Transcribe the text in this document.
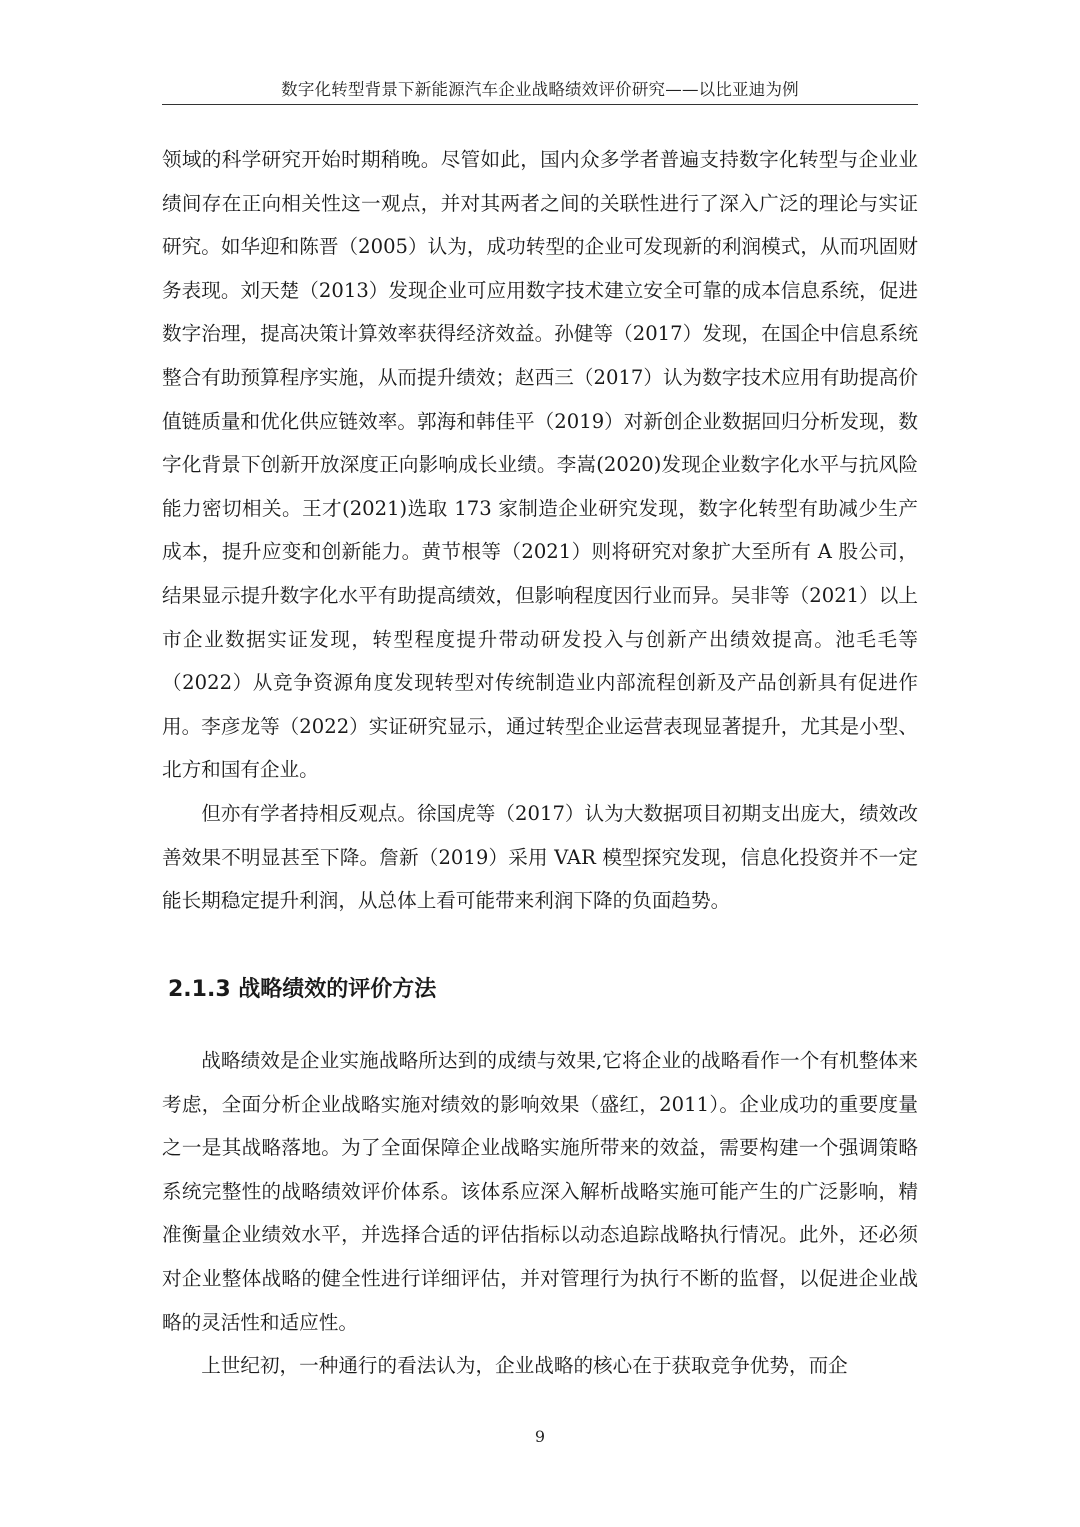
数字化转型背景下新能源汽车企业战略绩效评价研究——以比亚迪为例

领域的科学研究开始时期稍晚。尽管如此，国内众多学者普遍支持数字化转型与企业业绩间存在正向相关性这一观点，并对其两者之间的关联性进行了深入广泛的理论与实证研究。如华迎和陈晋（2005）认为，成功转型的企业可发现新的利润模式，从而巩固财务表现。刘天楚（2013）发现企业可应用数字技术建立安全可靠的成本信息系统，促进数字治理，提高决策计算效率获得经济效益。孙健等（2017）发现，在国企中信息系统整合有助预算程序实施，从而提升绩效；赵西三（2017）认为数字技术应用有助提高价值链质量和优化供应链效率。郭海和韩佳平（2019）对新创企业数据回归分析发现，数字化背景下创新开放深度正向影响成长业绩。李嵩(2020)发现企业数字化水平与抗风险能力密切相关。王才(2021)选取 173 家制造企业研究发现，数字化转型有助减少生产成本，提升应变和创新能力。黄节根等（2021）则将研究对象扩大至所有 A 股公司，结果显示提升数字化水平有助提高绩效，但影响程度因行业而异。吴非等（2021）以上市企业数据实证发现，转型程度提升带动研发投入与创新产出绩效提高。池毛毛等（2022）从竞争资源角度发现转型对传统制造业内部流程创新及产品创新具有促进作用。李彦龙等（2022）实证研究显示，通过转型企业运营表现显著提升，尤其是小型、北方和国有企业。

但亦有学者持相反观点。徐国虎等（2017）认为大数据项目初期支出庞大，绩效改善效果不明显甚至下降。詹新（2019）采用 VAR 模型探究发现，信息化投资并不一定能长期稳定提升利润，从总体上看可能带来利润下降的负面趋势。

2.1.3 战略绩效的评价方法

战略绩效是企业实施战略所达到的成绩与效果,它将企业的战略看作一个有机整体来考虑，全面分析企业战略实施对绩效的影响效果（盛红，2011）。企业成功的重要度量之一是其战略落地。为了全面保障企业战略实施所带来的效益，需要构建一个强调策略系统完整性的战略绩效评价体系。该体系应深入解析战略实施可能产生的广泛影响，精准衡量企业绩效水平，并选择合适的评估指标以动态追踪战略执行情况。此外，还必须对企业整体战略的健全性进行详细评估，并对管理行为执行不断的监督，以促进企业战略的灵活性和适应性。

上世纪初，一种通行的看法认为，企业战略的核心在于获取竞争优势，而企

9
